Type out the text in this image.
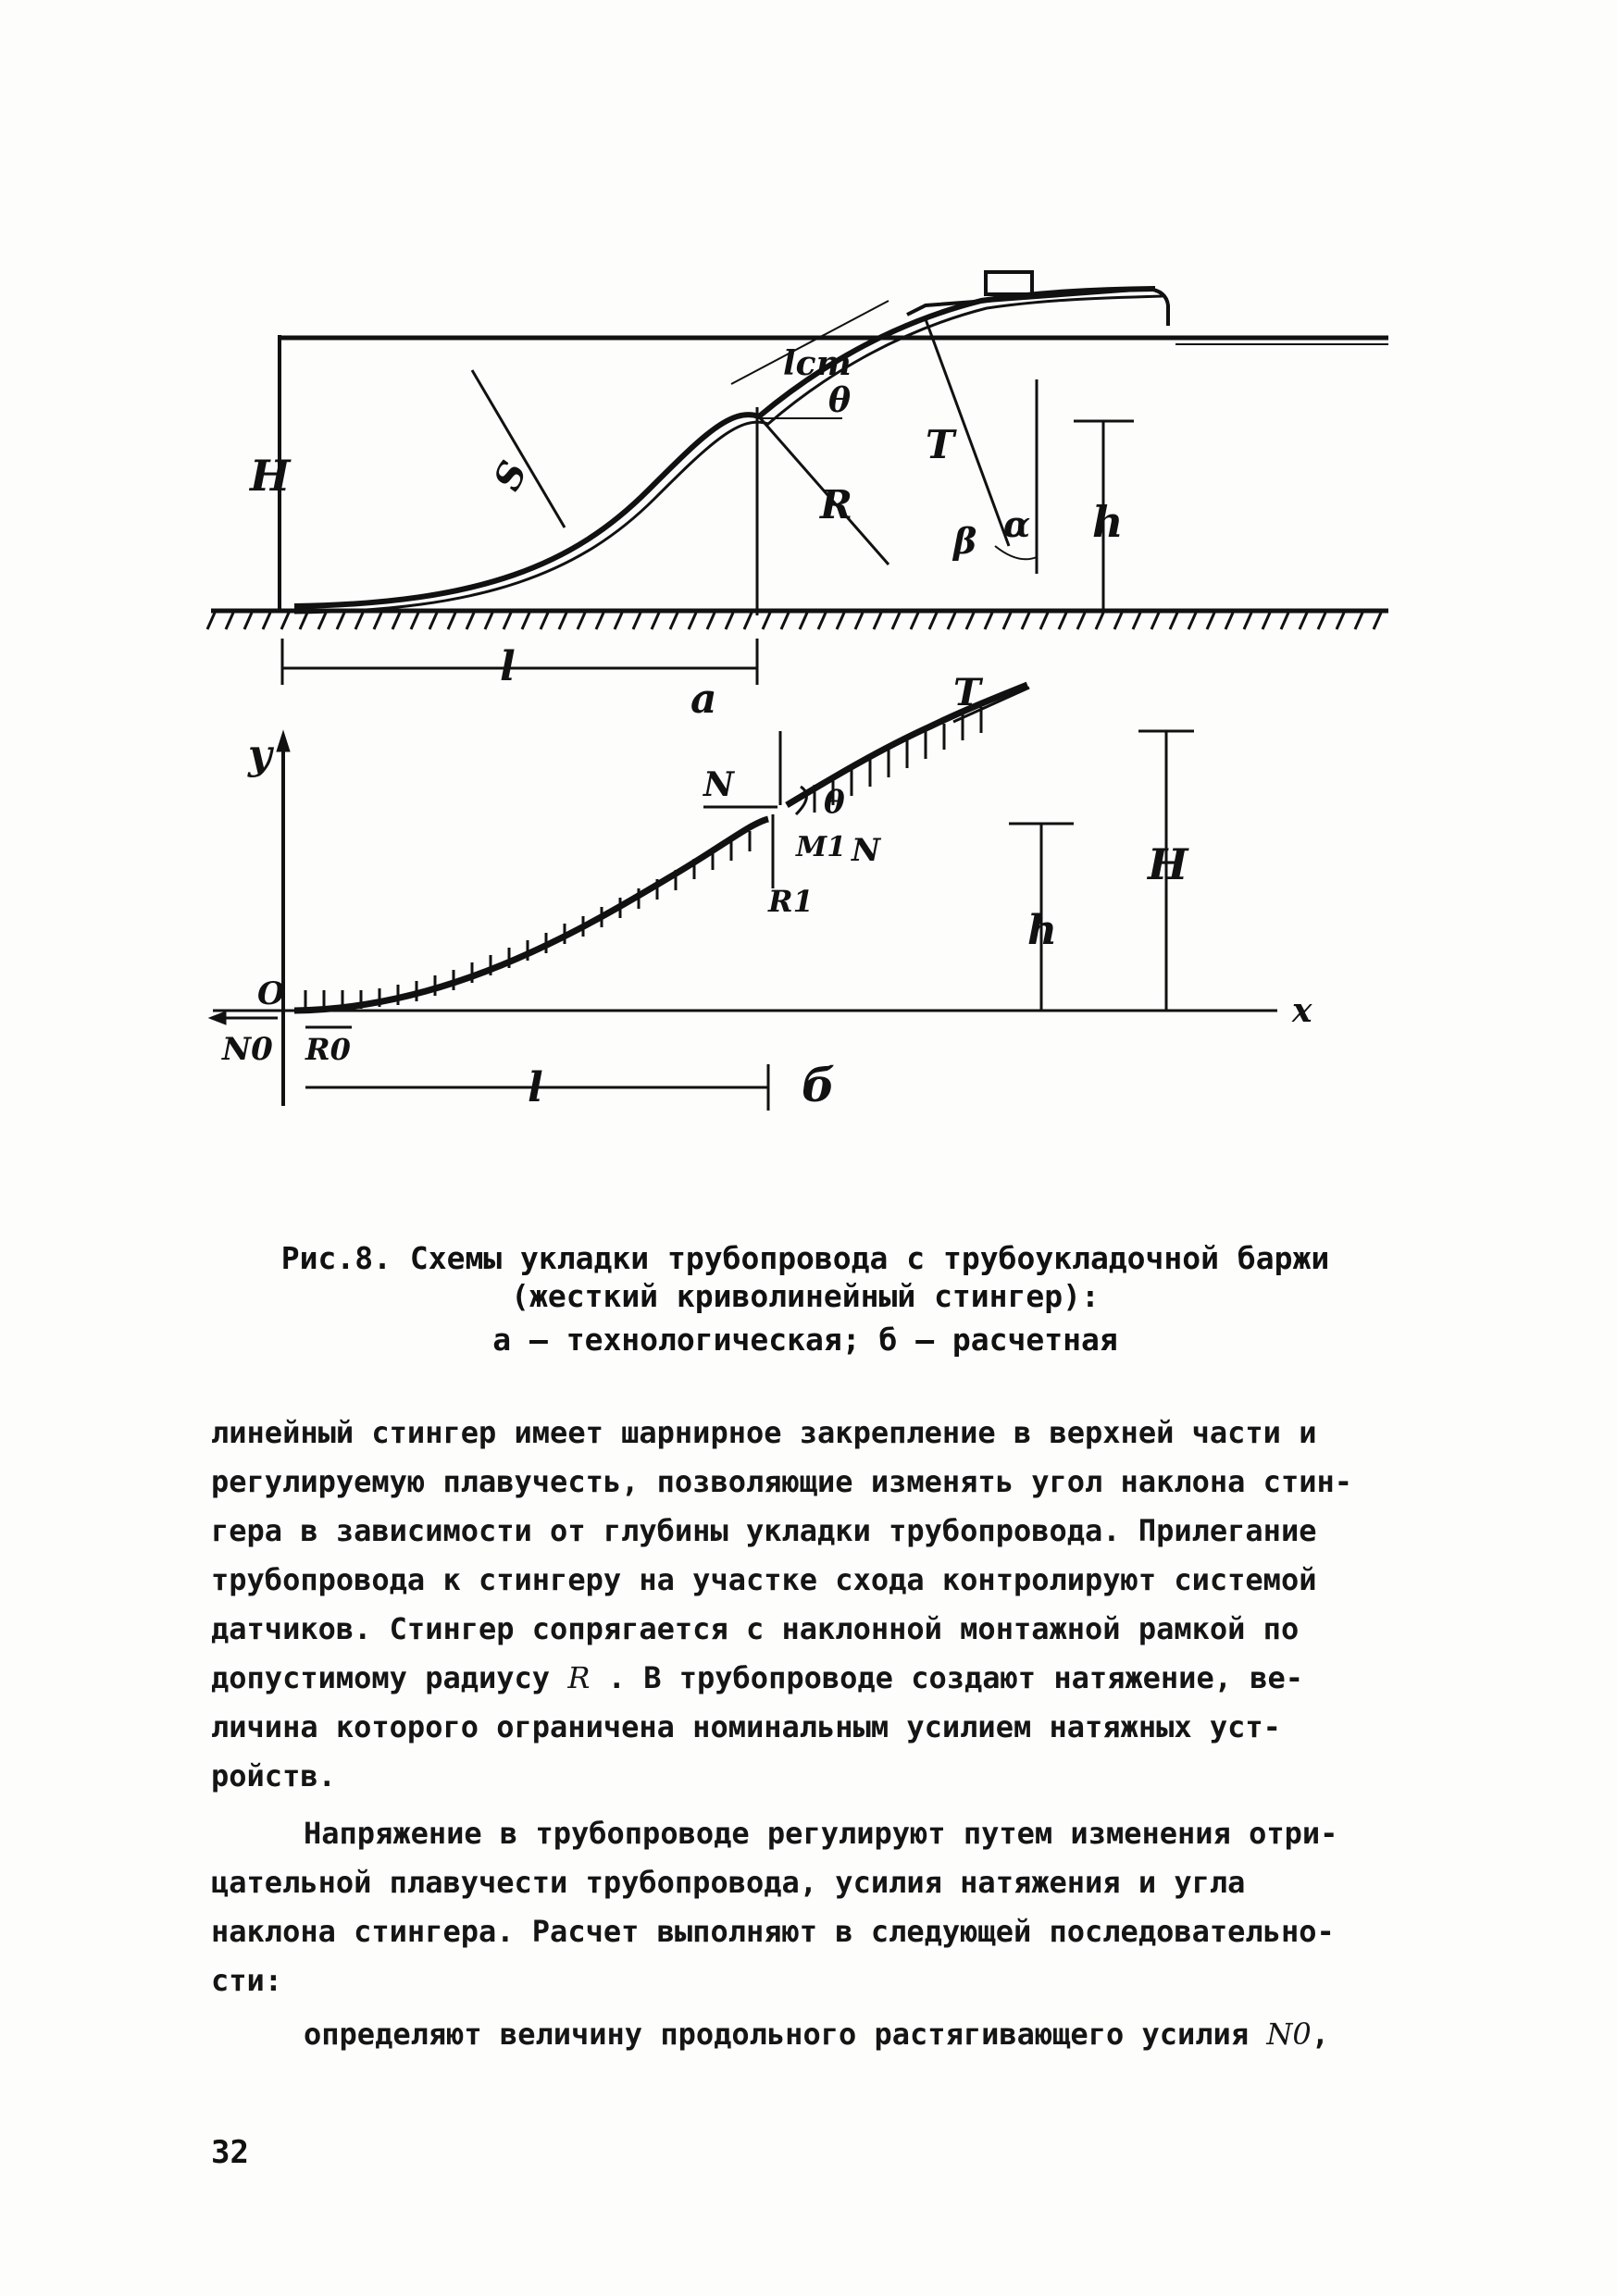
H	S
lст
θ
T
R
β α h
l
a
y
x
O
N0 R0
l	б
N
N
M1
R1
θ
T
h
H
Рис.8. Схемы укладки трубопровода с трубоукладочной баржи
(жесткий криволинейный стингер):
а – технологическая; б – расчетная
линейный стингер имеет шарнирное закрепление в верхней части и
регулируемую плавучесть, позволяющие изменять угол наклона стин-
гера в зависимости от глубины укладки трубопровода. Прилегание
трубопровода к стингеру на участке схода контролируют системой
датчиков. Стингер сопрягается с наклонной монтажной рамкой по
допустимому радиусу R . В трубопроводе создают натяжение, ве-
личина которого ограничена номинальным усилием натяжных уст-
ройств.
Напряжение в трубопроводе регулируют путем изменения отри-
цательной плавучести трубопровода, усилия натяжения и угла
наклона стингера. Расчет выполняют в следующей последовательно-
сти:
определяют величину продольного растягивающего усилия N0,
32
